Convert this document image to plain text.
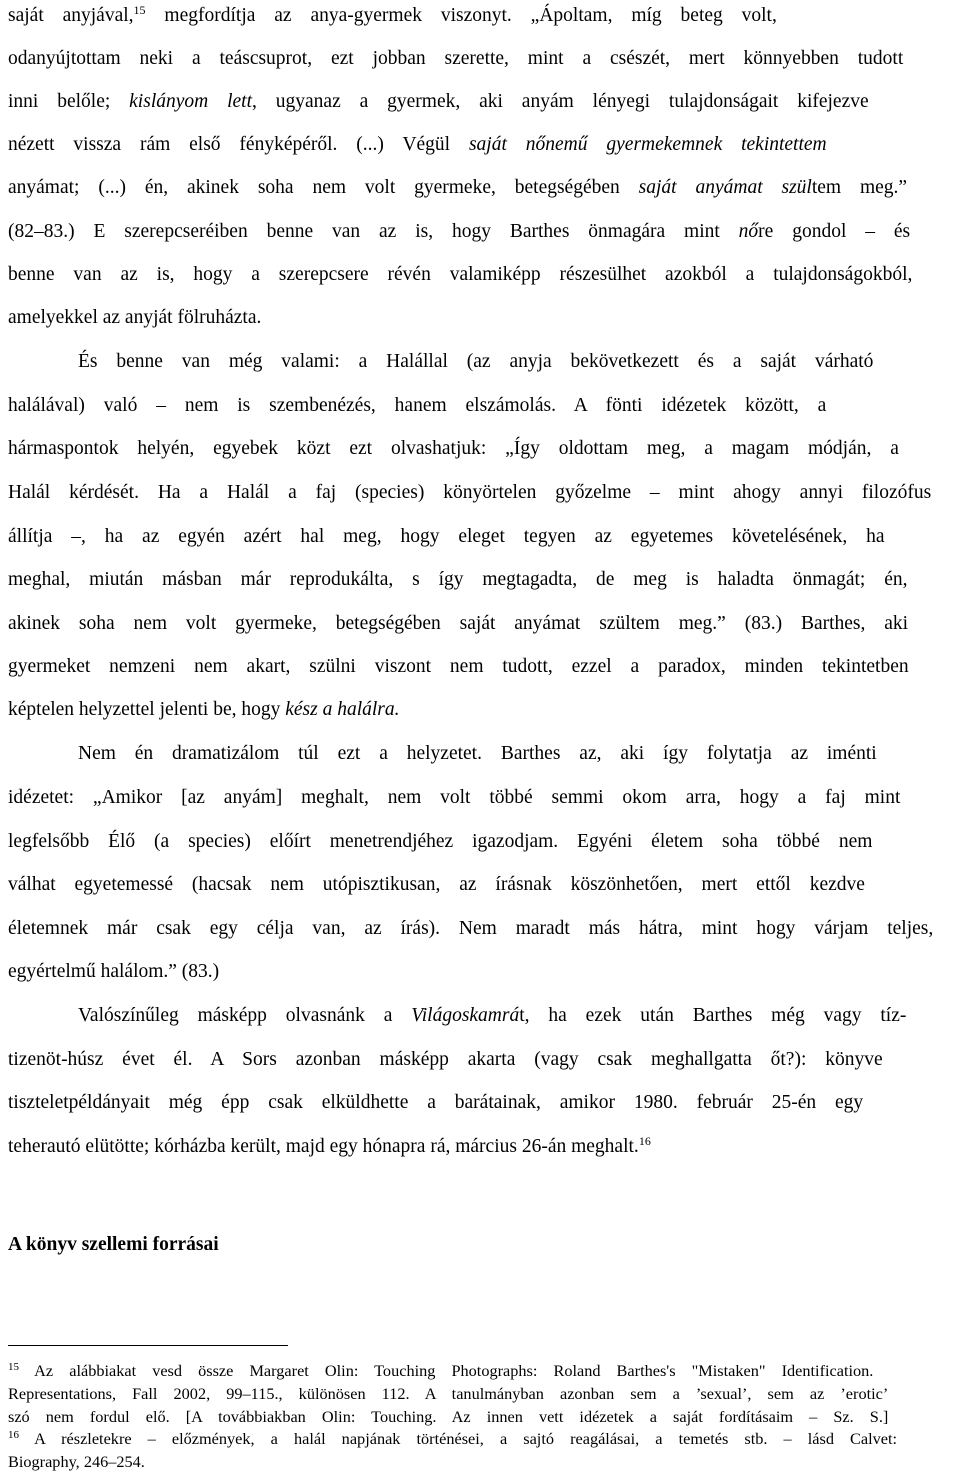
saját anyjával,$^{15}$ megfordítja az anya-gyermek viszonyt. „Ápoltam, míg beteg volt,
odanyújtottam neki a teáscsuprot, ezt jobban szerette, mint a csészét, mert könnyebben tudott
inni belőle; kislányom lett, ugyanaz a gyermek, aki anyám lényegi tulajdonságait kifejezve
nézett vissza rám első fényképéről. (...) Végül saját nőnemű gyermekemnek tekintettem
anyámat; (...) én, akinek soha nem volt gyermeke, betegségében saját anyámat szültem meg.”
(82–83.) E szerepcseréiben benne van az is, hogy Barthes önmagára mint nőre gondol – és
benne van az is, hogy a szerepcsere révén valamiképp részesülhet azokból a tulajdonságokból,
amelyekkel az anyját fölruházta.
És benne van még valami: a Halállal (az anyja bekövetkezett és a saját várható
halálával) való – nem is szembenézés, hanem elszámolás. A fönti idézetek között, a
hármaspontok helyén, egyebek közt ezt olvashatjuk: „Így oldottam meg, a magam módján, a
Halál kérdését. Ha a Halál a faj (species) könyörtelen győzelme – mint ahogy annyi filozófus
állítja –, ha az egyén azért hal meg, hogy eleget tegyen az egyetemes követelésének, ha
meghal, miután másban már reprodukálta, s így megtagadta, de meg is haladta önmagát; én,
akinek soha nem volt gyermeke, betegségében saját anyámat szültem meg.” (83.) Barthes, aki
gyermeket nemzeni nem akart, szülni viszont nem tudott, ezzel a paradox, minden tekintetben
képtelen helyzettel jelenti be, hogy kész a halálra.
Nem én dramatizálom túl ezt a helyzetet. Barthes az, aki így folytatja az iménti
idézetet: „Amikor [az anyám] meghalt, nem volt többé semmi okom arra, hogy a faj mint
legfelsőbb Élő (a species) előírt menetrendjéhez igazodjam. Egyéni életem soha többé nem
válhat egyetemessé (hacsak nem utópisztikusan, az írásnak köszönhetően, mert ettől kezdve
életemnek már csak egy célja van, az írás). Nem maradt más hátra, mint hogy várjam teljes,
egyértelmű halálom.” (83.)
Valószínűleg másképp olvasnánk a Világoskamrát, ha ezek után Barthes még vagy tíz-
tizenöt-húsz évet él. A Sors azonban másképp akarta (vagy csak meghallgatta őt?): könyve
tiszteletpéldányait még épp csak elküldhette a barátainak, amikor 1980. február 25-én egy
teherautó elütötte; kórházba került, majd egy hónapra rá, március 26-án meghalt.$^{16}$
A könyv szellemi forrásai
$^{15}$ Az alábbiakat vesd össze Margaret Olin: Touching Photographs: Roland Barthes's "Mistaken" Identification.
Representations, Fall 2002, 99–115., különösen 112. A tanulmányban azonban sem a ’sexual’, sem az ’erotic’
szó nem fordul elő. [A továbbiakban Olin: Touching. Az innen vett idézetek a saját fordításaim – Sz. S.]
$^{16}$ A részletekre – előzmények, a halál napjának történései, a sajtó reagálásai, a temetés stb. – lásd Calvet:
Biography, 246–254.
